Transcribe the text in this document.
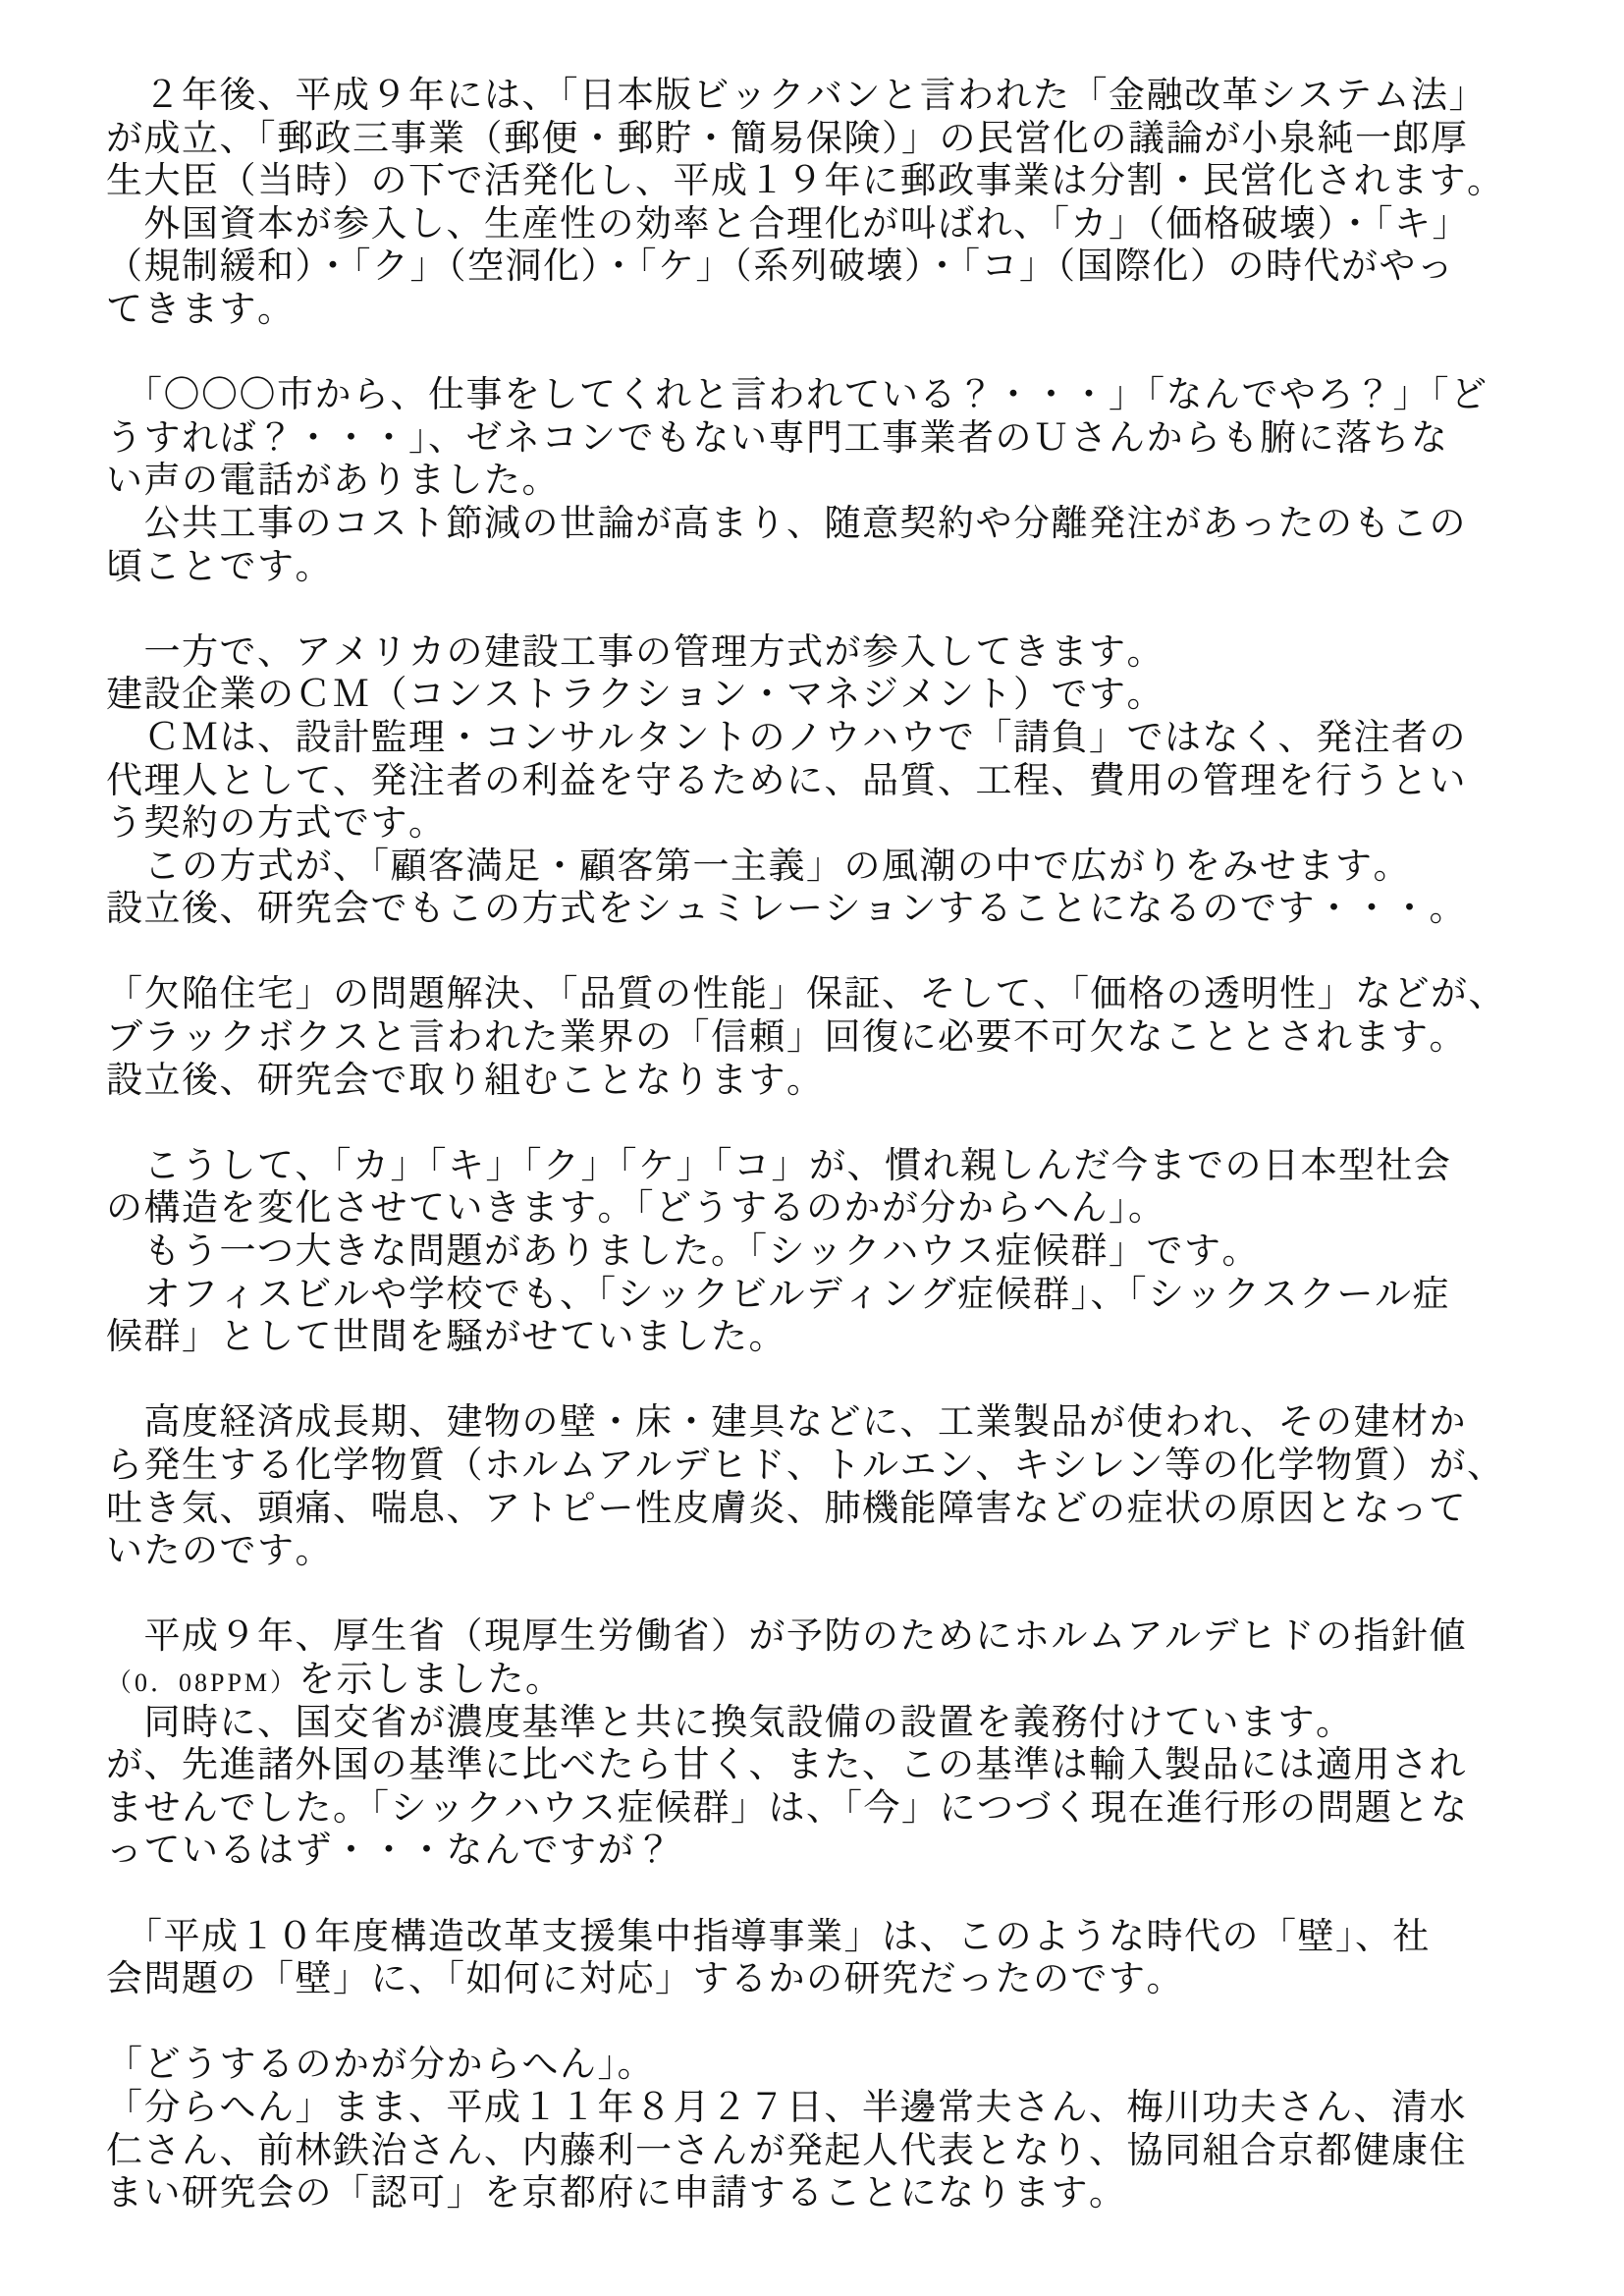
　２年後、平成９年には、「日本版ビックバンと言われた「金融改革システム法」
が成立、「郵政三事業（郵便・郵貯・簡易保険）」の民営化の議論が小泉純一郎厚
生大臣（当時）の下で活発化し、平成１９年に郵政事業は分割・民営化されます。
　外国資本が参入し、生産性の効率と合理化が叫ばれ、「カ」（価格破壊）・「キ」
（規制緩和）・「ク」（空洞化）・「ケ」（系列破壊）・「コ」（国際化）の時代がやっ
てきます。
　「〇〇〇市から、仕事をしてくれと言われている？・・・」「なんでやろ？」「ど
うすれば？・・・」、ゼネコンでもない専門工事業者のＵさんからも腑に落ちな
い声の電話がありました。
　公共工事のコスト節減の世論が高まり、随意契約や分離発注があったのもこの
頃ことです。
　一方で、アメリカの建設工事の管理方式が参入してきます。
建設企業のＣＭ（コンストラクション・マネジメント）です。
　ＣＭは、設計監理・コンサルタントのノウハウで「請負」ではなく、発注者の
代理人として、発注者の利益を守るために、品質、工程、費用の管理を行うとい
う契約の方式です。
　この方式が、「顧客満足・顧客第一主義」の風潮の中で広がりをみせます。
設立後、研究会でもこの方式をシュミレーションすることになるのです・・・。
「欠陥住宅」の問題解決、「品質の性能」保証、そして、「価格の透明性」などが、
ブラックボクスと言われた業界の「信頼」回復に必要不可欠なこととされます。
設立後、研究会で取り組むことなります。
　こうして、「カ」「キ」「ク」「ケ」「コ」が、慣れ親しんだ今までの日本型社会
の構造を変化させていきます。「どうするのかが分からへん」。
　もう一つ大きな問題がありました。「シックハウス症候群」です。
　オフィスビルや学校でも、「シックビルディング症候群」、「シックスクール症
候群」として世間を騒がせていました。
　高度経済成長期、建物の壁・床・建具などに、工業製品が使われ、その建材か
ら発生する化学物質（ホルムアルデヒド、トルエン、キシレン等の化学物質）が、
吐き気、頭痛、喘息、アトピー性皮膚炎、肺機能障害などの症状の原因となって
いたのです。
　平成９年、厚生省（現厚生労働省）が予防のためにホルムアルデヒドの指針値
（0．08PPM）を示しました。
　同時に、国交省が濃度基準と共に換気設備の設置を義務付けています。
が、先進諸外国の基準に比べたら甘く、また、この基準は輸入製品には適用され
ませんでした。「シックハウス症候群」は、「今」につづく現在進行形の問題とな
っているはず・・・なんですが？
　「平成１０年度構造改革支援集中指導事業」は、このような時代の「壁」、社
会問題の「壁」に、「如何に対応」するかの研究だったのです。
「どうするのかが分からへん」。
「分らへん」まま、平成１１年８月２７日、半邊常夫さん、梅川功夫さん、清水
仁さん、前林鉄治さん、内藤利一さんが発起人代表となり、協同組合京都健康住
まい研究会の「認可」を京都府に申請することになります。
